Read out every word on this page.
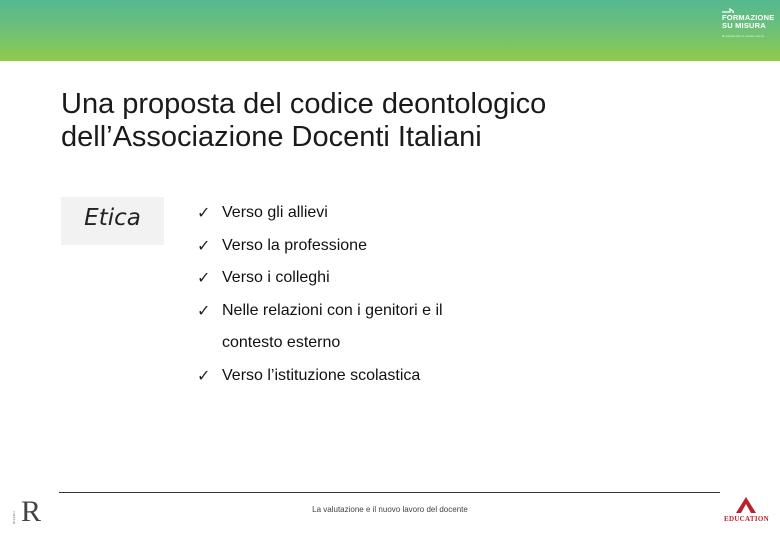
FORMAZIONE
SU MISURA
la scuola che si evolve con te
Una proposta del codice deontologico dell’Associazione Docenti Italiani
Etica	✓ Verso gli allievi
✓ Verso la professione
✓ Verso i colleghi
✓ Nelle relazioni con i genitori e il
contesto esterno
✓ Verso l’istituzione scolastica
La valutazione e il nuovo lavoro del docente
RIZZOLI R	EDUCATION
